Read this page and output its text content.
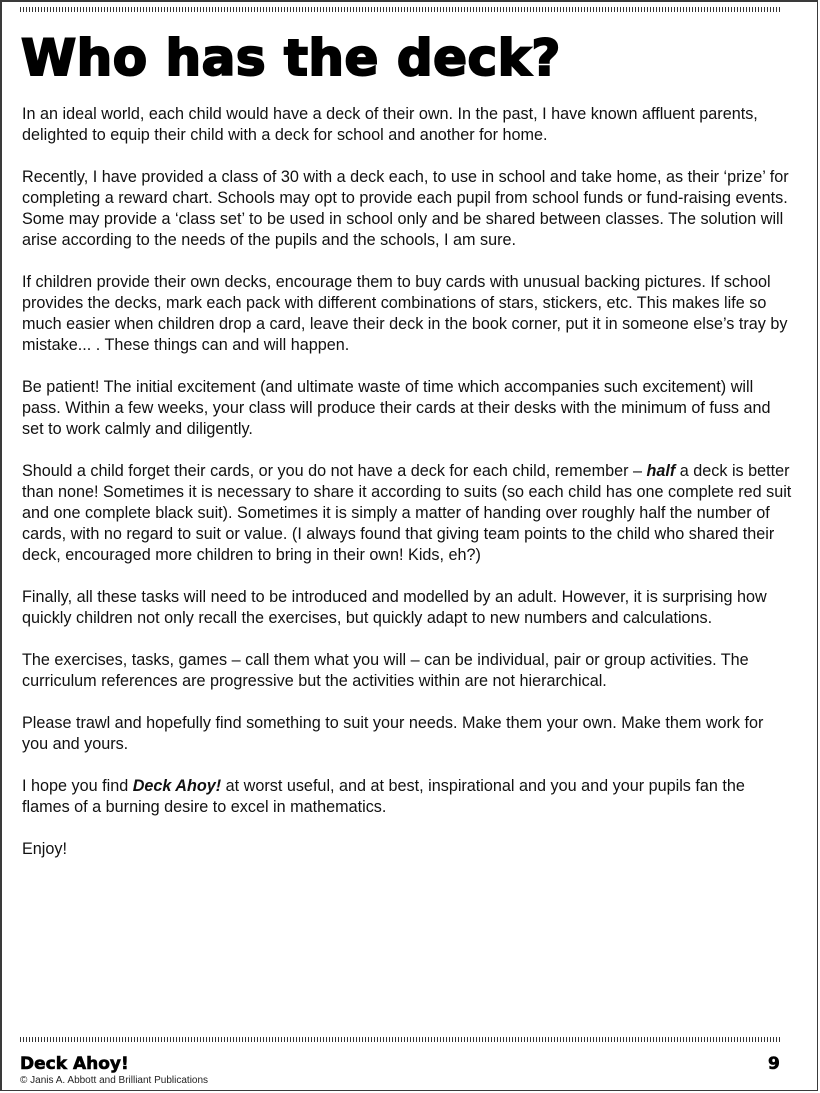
Who has the deck?

In an ideal world, each child would have a deck of their own. In the past, I have known affluent parents, delighted to equip their child with a deck for school and another for home.

Recently, I have provided a class of 30 with a deck each, to use in school and take home, as their ‘prize’ for completing a reward chart. Schools may opt to provide each pupil from school funds or fund-raising events. Some may provide a ‘class set’ to be used in school only and be shared between classes. The solution will arise according to the needs of the pupils and the schools, I am sure.

If children provide their own decks, encourage them to buy cards with unusual backing pictures. If school provides the decks, mark each pack with different combinations of stars, stickers, etc. This makes life so much easier when children drop a card, leave their deck in the book corner, put it in someone else’s tray by mistake... . These things can and will happen.

Be patient! The initial excitement (and ultimate waste of time which accompanies such excitement) will pass. Within a few weeks, your class will produce their cards at their desks with the minimum of fuss and set to work calmly and diligently.

Should a child forget their cards, or you do not have a deck for each child, remember – half a deck is better than none! Sometimes it is necessary to share it according to suits (so each child has one complete red suit and one complete black suit). Sometimes it is simply a matter of handing over roughly half the number of cards, with no regard to suit or value. (I always found that giving team points to the child who shared their deck, encouraged more children to bring in their own! Kids, eh?)

Finally, all these tasks will need to be introduced and modelled by an adult. However, it is surprising how quickly children not only recall the exercises, but quickly adapt to new numbers and calculations.

The exercises, tasks, games – call them what you will – can be individual, pair or group activities. The curriculum references are progressive but the activities within are not hierarchical.

Please trawl and hopefully find something to suit your needs. Make them your own. Make them work for you and yours.

I hope you find Deck Ahoy! at worst useful, and at best, inspirational and you and your pupils fan the flames of a burning desire to excel in mathematics.

Enjoy!

Deck Ahoy!
© Janis A. Abbott and Brilliant Publications
9
